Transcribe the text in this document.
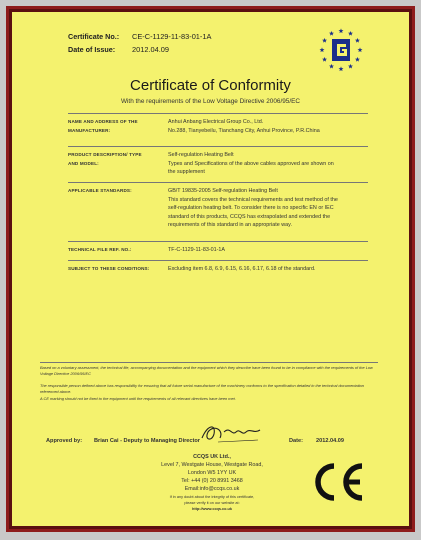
Certificate No.: CE-C-1129-11-83-01-1A
Date of Issue: 2012.04.09
Certificate of Conformity
With the requirements of the Low Voltage Directive 2006/95/EC
NAME AND ADDRESS OF THE
MANUFACTURER:
Anhui Anbang Electrical Group Co., Ltd.
No.288, Tianyebeilu, Tianchang City, Anhui Province, P.R.China
PRODUCT DESCRIPTION/ TYPE
AND MODEL:
Self-regulation Heating Belt
Types and Specifications of the above cables approved are shown on
the supplement
APPLICABLE STANDARDS:	GB/T 19835-2005 Self-regulation Heating Belt
This standard covers the technical requirements and test method of the
self-regulation heating belt. To consider there is no specific EN or IEC
standard of this products, CCQS has extrapolated and extended the
requirements of this standard in an appropriate way.
TECHNICAL FILE REF. NO.:	TF-C-1129-11-83-01-1A
SUBJECT TO THESE CONDITIONS:	Excluding item 6.8, 6.9, 6.15, 6.16, 6.17, 6.18 of the standard.
Based on a voluntary assessment, the technical file, accompanying documentation and the equipment which they describe have been found to be in compliance with the requirements of the Low Voltage Directive 2006/95/EC
The responsible person defined above has responsibility for ensuring that all future serial manufacture of the machinery conforms to the specification detailed in the technical documentation referenced above.
A CE marking should not be fixed to the equipment until the requirements of all relevant directives have been met.
Approved by: Brian Cai - Deputy to Managing Director	Date: 2012.04.09
CCQS UK Ltd.,
Level 7, Westgate House, Westgate Road,
London W5 1YY UK
Tel: +44 (0) 20 8991 3468
Email:info@ccqs.co.uk
If in any doubt about the integrity of this certificate,
please verify it on our website at:
http://www.ccqs.co.uk
